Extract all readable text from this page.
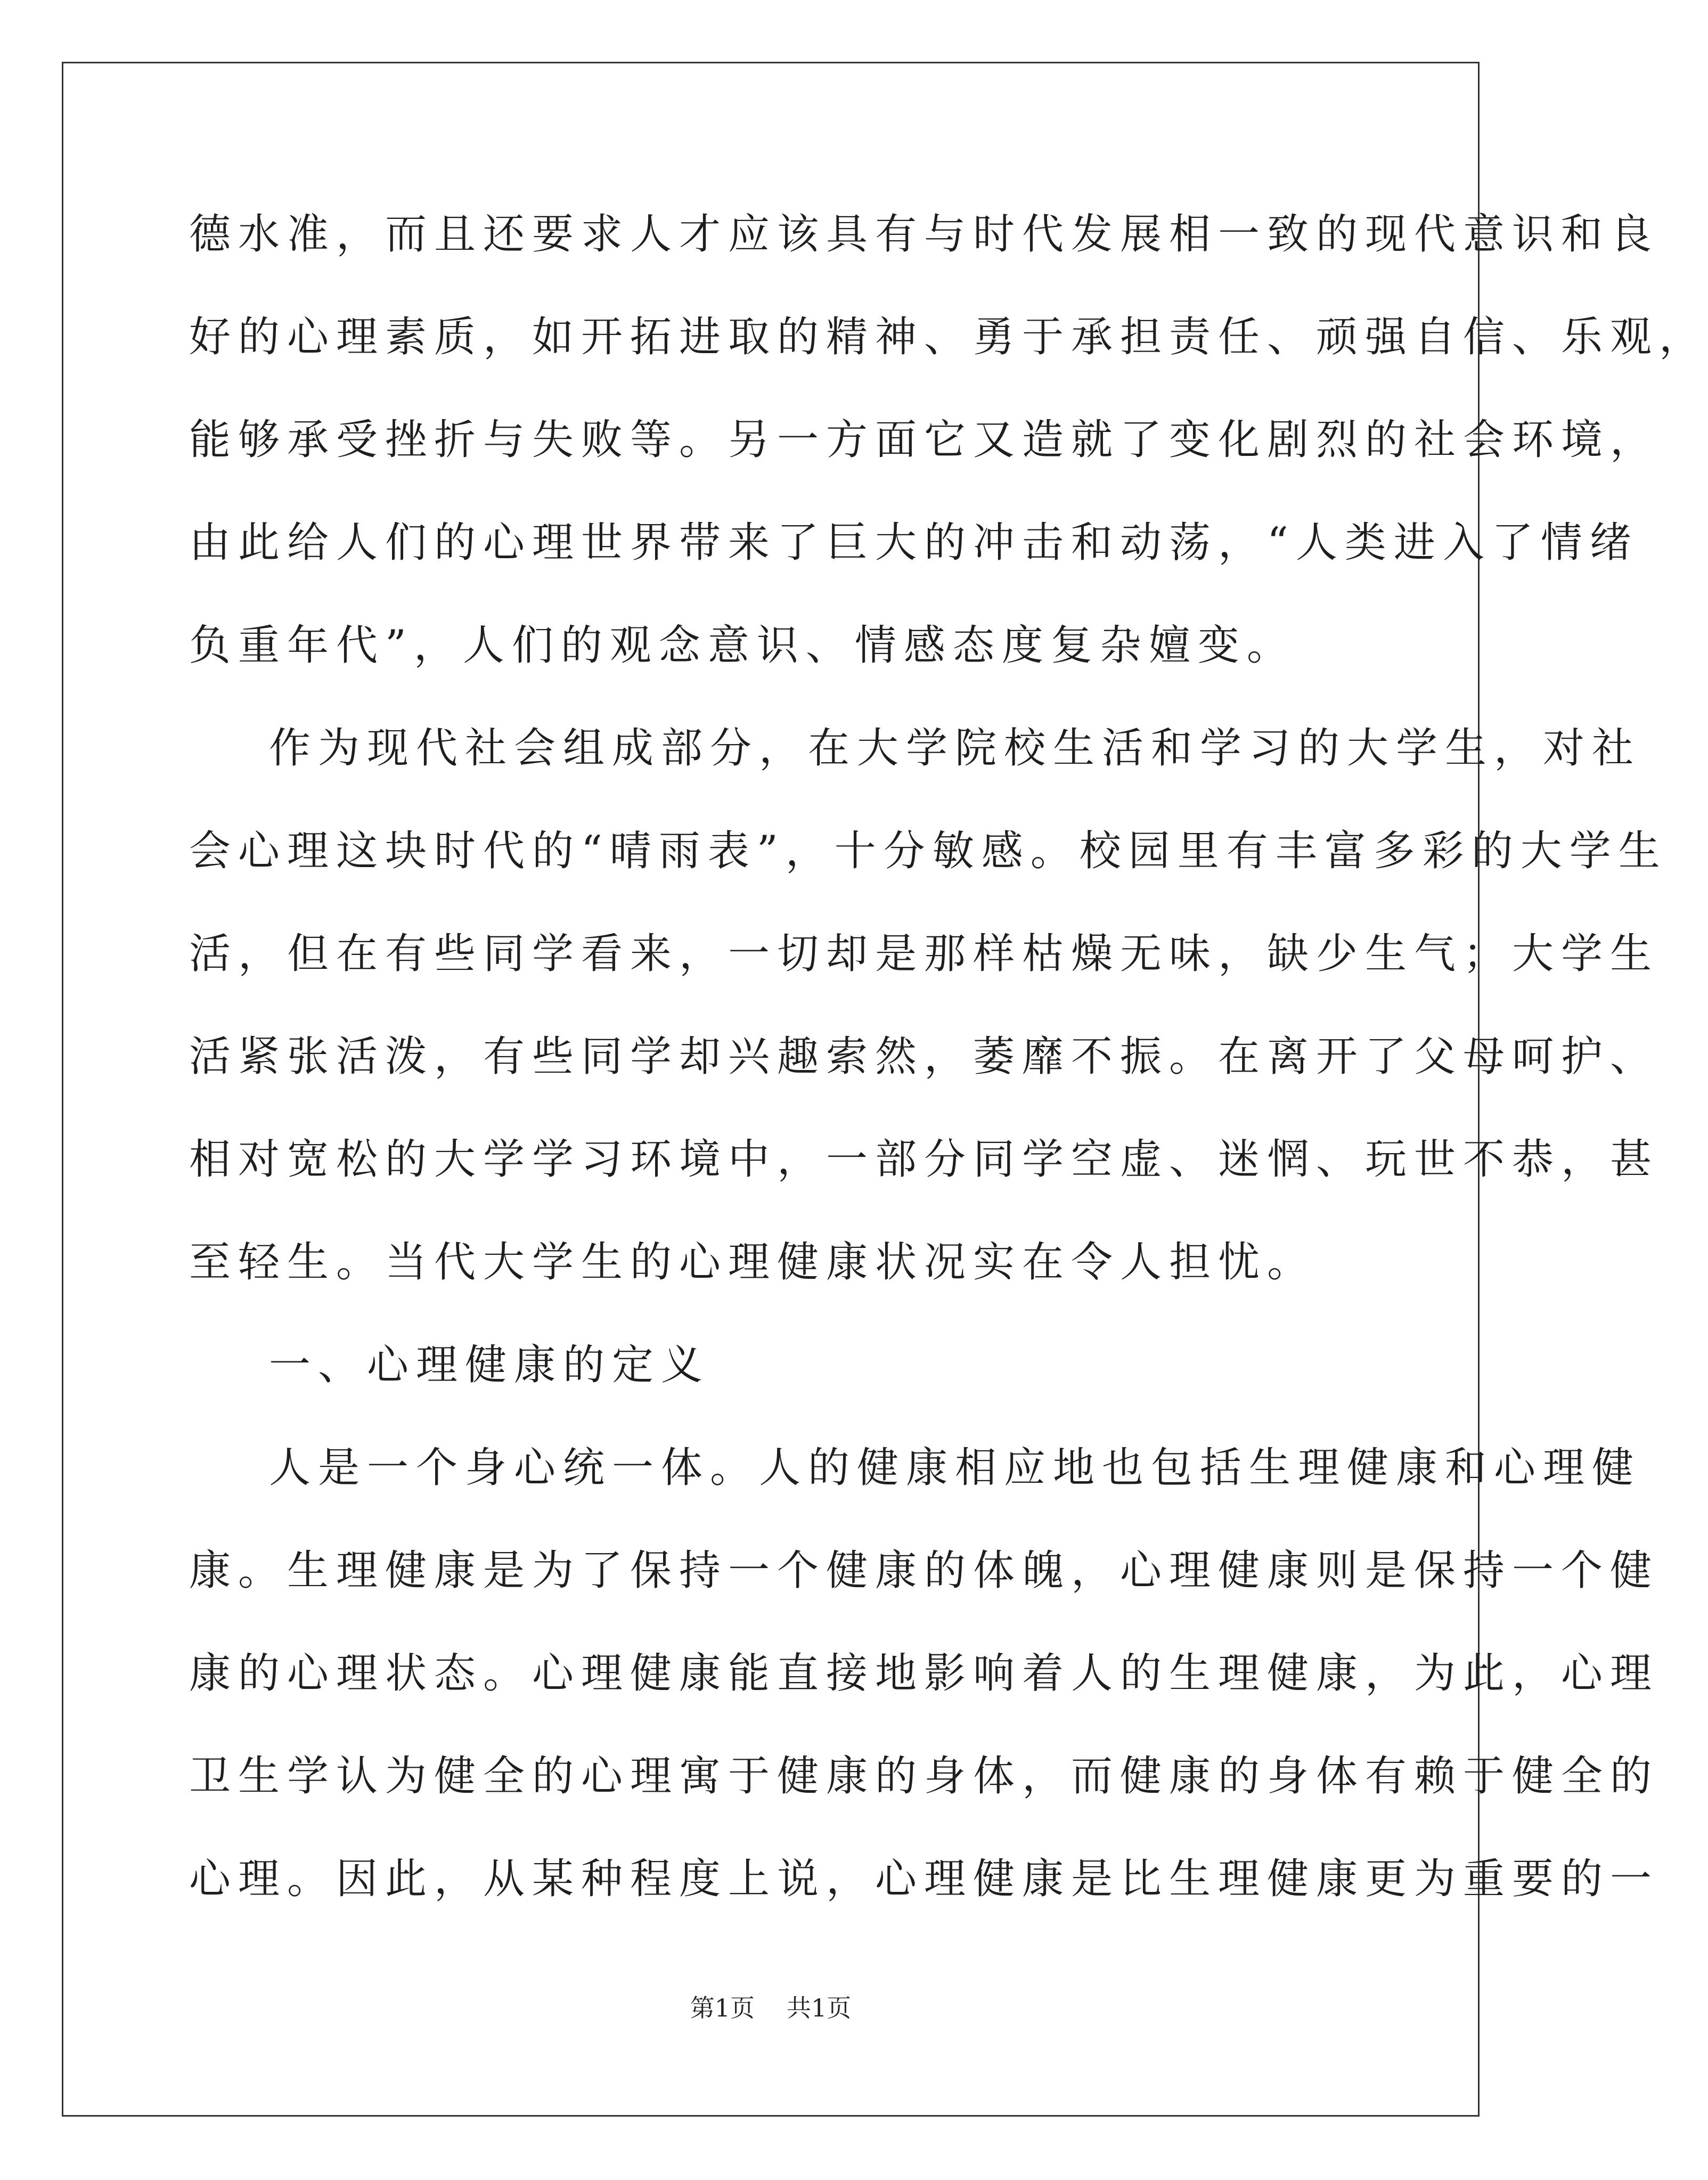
德水准，而且还要求人才应该具有与时代发展相一致的现代意识和良
好的心理素质，如开拓进取的精神、勇于承担责任、顽强自信、乐观，
能够承受挫折与失败等。另一方面它又造就了变化剧烈的社会环境，
由此给人们的心理世界带来了巨大的冲击和动荡，“人类进入了情绪
负重年代”，人们的观念意识、情感态度复杂嬗变。
作为现代社会组成部分，在大学院校生活和学习的大学生，对社
会心理这块时代的“晴雨表”，十分敏感。校园里有丰富多彩的大学生
活，但在有些同学看来，一切却是那样枯燥无味，缺少生气；大学生
活紧张活泼，有些同学却兴趣索然，萎靡不振。在离开了父母呵护、
相对宽松的大学学习环境中，一部分同学空虚、迷惘、玩世不恭，甚
至轻生。当代大学生的心理健康状况实在令人担忧。
一、心理健康的定义
人是一个身心统一体。人的健康相应地也包括生理健康和心理健
康。生理健康是为了保持一个健康的体魄，心理健康则是保持一个健
康的心理状态。心理健康能直接地影响着人的生理健康，为此，心理
卫生学认为健全的心理寓于健康的身体，而健康的身体有赖于健全的
心理。因此，从某种程度上说，心理健康是比生理健康更为重要的一
第1页 共1页
